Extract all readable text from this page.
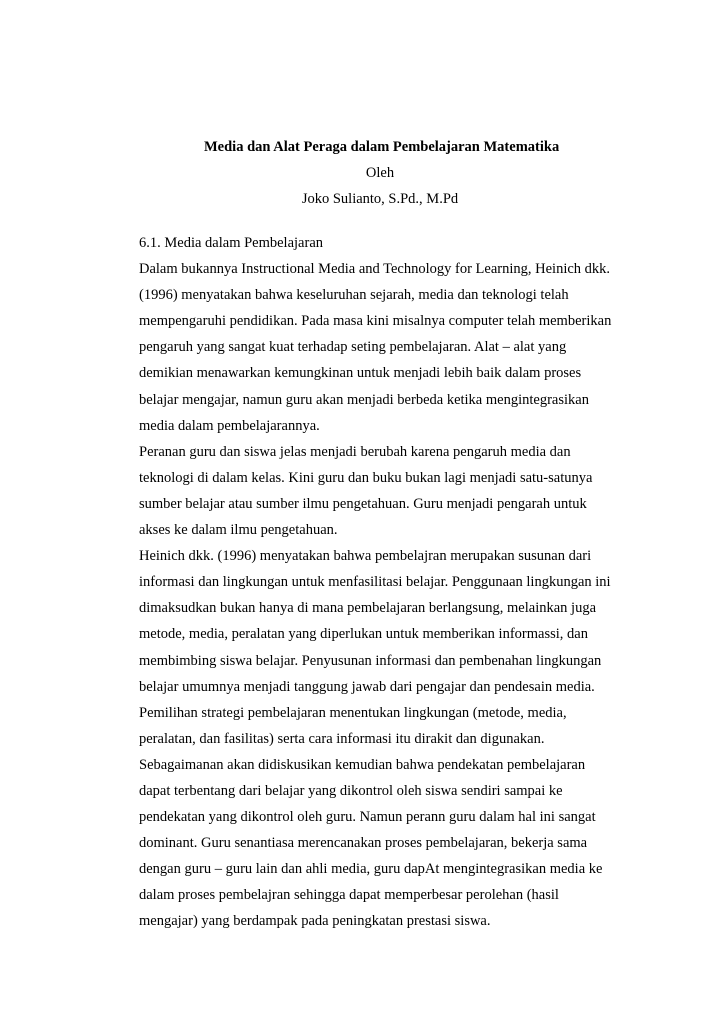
Media dan Alat Peraga dalam Pembelajaran Matematika
Oleh
Joko Sulianto, S.Pd., M.Pd
6.1. Media dalam Pembelajaran
Dalam bukannya Instructional Media and Technology for Learning, Heinich dkk.
(1996) menyatakan bahwa keseluruhan sejarah, media dan teknologi telah
mempengaruhi pendidikan. Pada masa kini misalnya computer telah memberikan
pengaruh yang sangat kuat terhadap seting pembelajaran. Alat – alat yang
demikian menawarkan kemungkinan untuk menjadi lebih baik dalam proses
belajar mengajar, namun guru akan menjadi berbeda ketika mengintegrasikan
media dalam pembelajarannya.
Peranan guru dan siswa jelas menjadi berubah karena pengaruh media dan
teknologi di dalam kelas. Kini guru dan buku bukan lagi menjadi satu-satunya
sumber belajar atau sumber ilmu pengetahuan. Guru menjadi pengarah untuk
akses ke dalam ilmu pengetahuan.
Heinich dkk. (1996) menyatakan bahwa pembelajran merupakan susunan dari
informasi dan lingkungan untuk menfasilitasi belajar. Penggunaan lingkungan ini
dimaksudkan bukan hanya di mana pembelajaran berlangsung, melainkan juga
metode, media, peralatan yang diperlukan untuk memberikan informassi, dan
membimbing siswa belajar. Penyusunan informasi dan pembenahan lingkungan
belajar umumnya menjadi tanggung jawab dari pengajar dan pendesain media.
Pemilihan strategi pembelajaran menentukan lingkungan (metode, media,
peralatan, dan fasilitas) serta cara informasi itu dirakit dan digunakan.
Sebagaimanan akan didiskusikan kemudian bahwa pendekatan pembelajaran
dapat terbentang dari belajar yang dikontrol oleh siswa sendiri sampai ke
pendekatan yang dikontrol oleh guru. Namun perann guru dalam hal ini sangat
dominant. Guru senantiasa merencanakan proses pembelajaran, bekerja sama
dengan guru – guru lain dan ahli media, guru dapAt mengintegrasikan media ke
dalam proses pembelajran sehingga dapat memperbesar perolehan (hasil
mengajar) yang berdampak pada peningkatan prestasi siswa.
